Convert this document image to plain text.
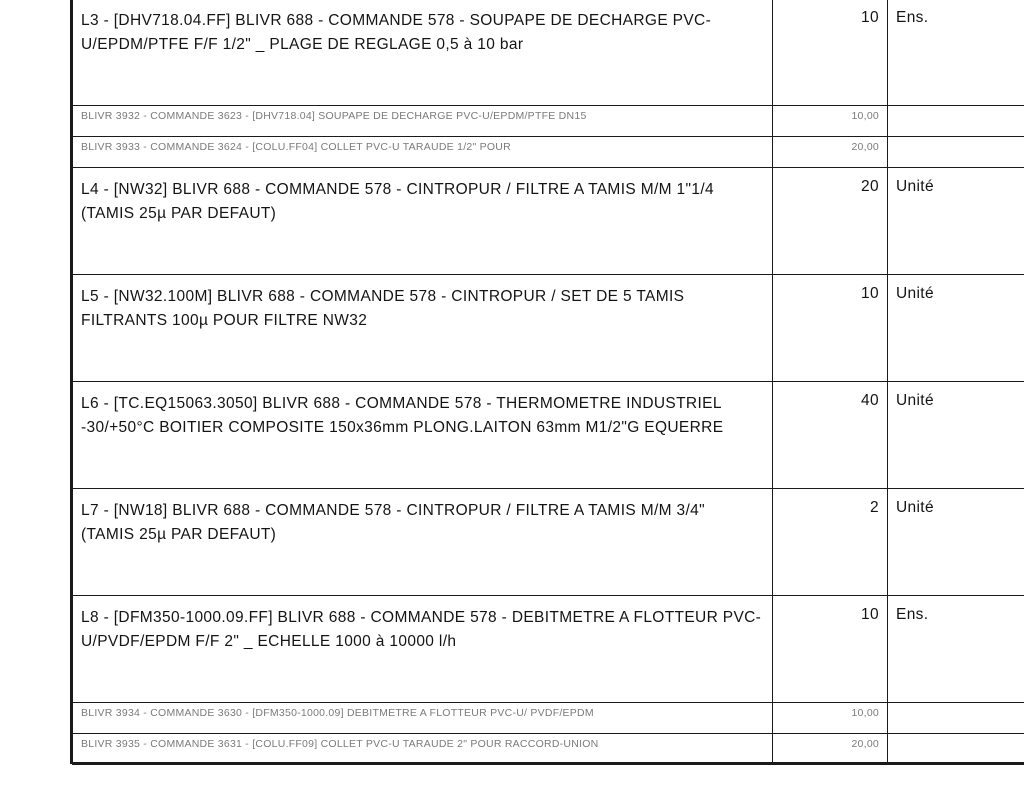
L3 - [DHV718.04.FF] BLIVR 688 - COMMANDE 578 - SOUPAPE DE DECHARGE PVC-U/EPDM/PTFE F/F 1/2" _ PLAGE DE REGLAGE 0,5 à 10 bar	10	Ens.
BLIVR 3932 - COMMANDE 3623 - [DHV718.04] SOUPAPE DE DECHARGE PVC-U/EPDM/PTFE DN15	10,00	
BLIVR 3933 - COMMANDE 3624 - [COLU.FF04] COLLET PVC-U TARAUDE 1/2" POUR	20,00	
L4 - [NW32] BLIVR 688 - COMMANDE 578 - CINTROPUR / FILTRE A TAMIS M/M 1"1/4 (TAMIS 25µ PAR DEFAUT)	20	Unité
L5 - [NW32.100M] BLIVR 688 - COMMANDE 578 - CINTROPUR / SET DE 5 TAMIS FILTRANTS 100µ POUR FILTRE NW32	10	Unité
L6 - [TC.EQ15063.3050] BLIVR 688 - COMMANDE 578 - THERMOMETRE INDUSTRIEL -30/+50°C BOITIER COMPOSITE 150x36mm PLONG.LAITON 63mm M1/2"G EQUERRE	40	Unité
L7 - [NW18] BLIVR 688 - COMMANDE 578 - CINTROPUR / FILTRE A TAMIS M/M 3/4" (TAMIS 25µ PAR DEFAUT)	2	Unité
L8 - [DFM350-1000.09.FF] BLIVR 688 - COMMANDE 578 - DEBITMETRE A FLOTTEUR PVC-U/PVDF/EPDM F/F 2" _ ECHELLE 1000 à 10000 l/h	10	Ens.
BLIVR 3934 - COMMANDE 3630 - [DFM350-1000.09] DEBITMETRE A FLOTTEUR PVC-U/ PVDF/EPDM	10,00	
BLIVR 3935 - COMMANDE 3631 - [COLU.FF09] COLLET PVC-U TARAUDE 2" POUR RACCORD-UNION	20,00	
